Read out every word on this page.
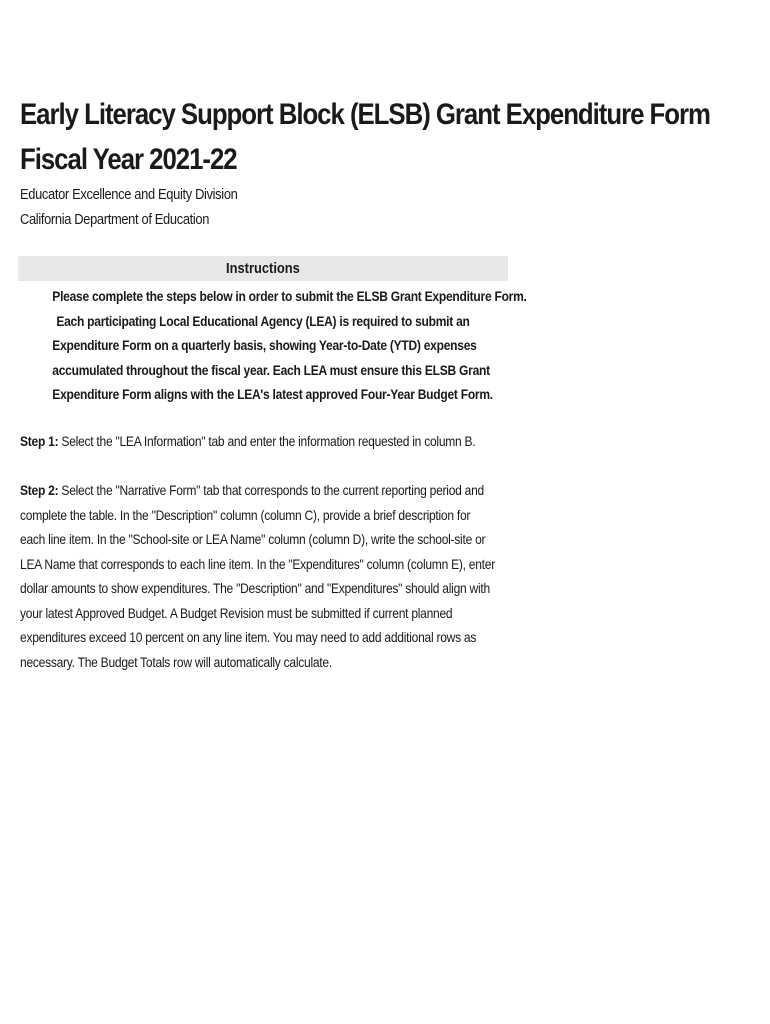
Early Literacy Support Block (ELSB) Grant Expenditure Form
Fiscal Year 2021-22
Educator Excellence and Equity Division
California Department of Education
Instructions
Please complete the steps below in order to submit the ELSB Grant Expenditure Form.
Each participating Local Educational Agency (LEA) is required to submit an
Expenditure Form on a quarterly basis, showing Year-to-Date (YTD) expenses
accumulated throughout the fiscal year. Each LEA must ensure this ELSB Grant
Expenditure Form aligns with the LEA's latest approved Four-Year Budget Form.
Step 1: Select the "LEA Information" tab and enter the information requested in column B.
Step 2: Select the "Narrative Form" tab that corresponds to the current reporting period and
complete the table. In the "Description" column (column C), provide a brief description for
each line item. In the "School-site or LEA Name" column (column D), write the school-site or
LEA Name that corresponds to each line item. In the "Expenditures" column (column E), enter
dollar amounts to show expenditures. The "Description" and "Expenditures" should align with
your latest Approved Budget. A Budget Revision must be submitted if current planned
expenditures exceed 10 percent on any line item. You may need to add additional rows as
necessary. The Budget Totals row will automatically calculate.
